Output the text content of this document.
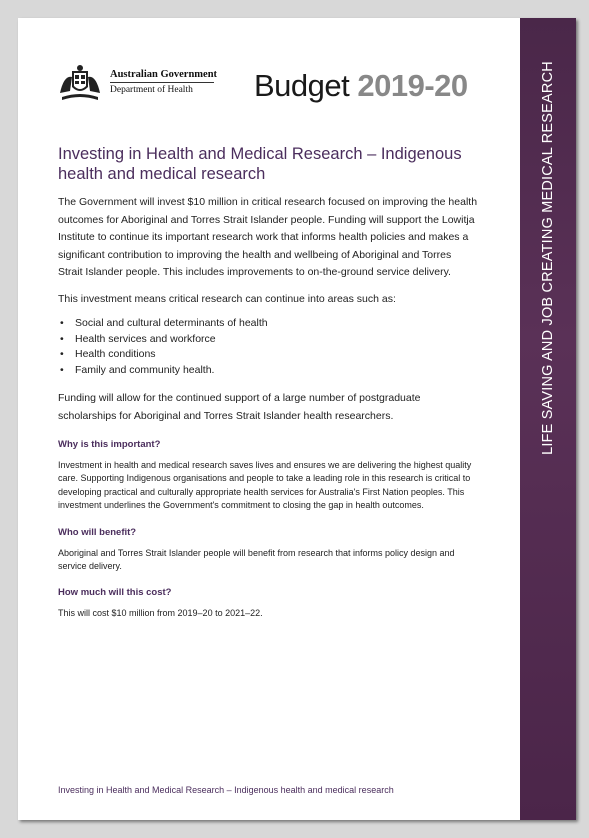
Australian Government
Department of Health	Budget 2019-20
Investing in Health and Medical Research – Indigenous health and medical research

The Government will invest $10 million in critical research focused on improving the health outcomes for Aboriginal and Torres Strait Islander people. Funding will support the Lowitja Institute to continue its important research work that informs health policies and makes a significant contribution to improving the health and wellbeing of Aboriginal and Torres Strait Islander people. This includes improvements to on-the-ground service delivery.

This investment means critical research can continue into areas such as:

• Social and cultural determinants of health
• Health services and workforce
• Health conditions
• Family and community health.

Funding will allow for the continued support of a large number of postgraduate scholarships for Aboriginal and Torres Strait Islander health researchers.

Why is this important?

Investment in health and medical research saves lives and ensures we are delivering the highest quality care. Supporting Indigenous organisations and people to take a leading role in this research is critical to developing practical and culturally appropriate health services for Australia's First Nation peoples. This investment underlines the Government's commitment to closing the gap in health outcomes.

Who will benefit?

Aboriginal and Torres Strait Islander people will benefit from research that informs policy design and service delivery.

How much will this cost?

This will cost $10 million from 2019–20 to 2021–22.

Investing in Health and Medical Research – Indigenous health and medical research
LIFE SAVING AND JOB CREATING MEDICAL RESEARCH
